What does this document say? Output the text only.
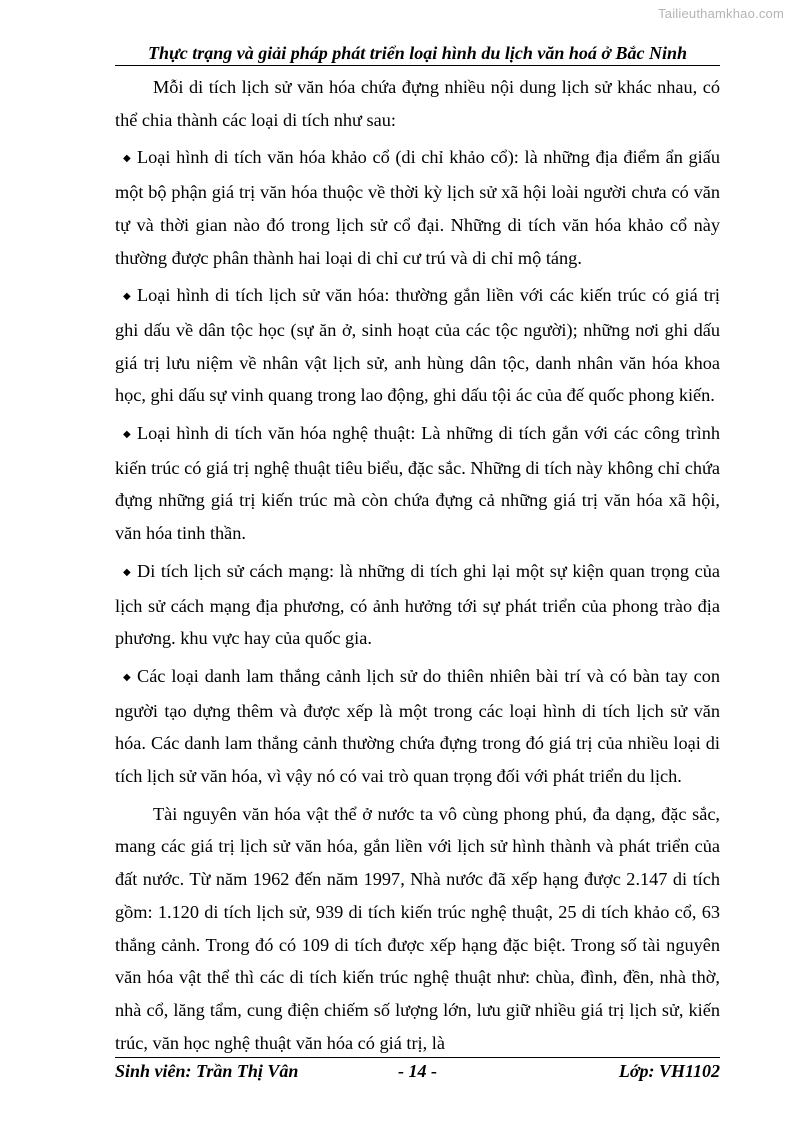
Tailieuthamkhao.com
Thực trạng và giải pháp phát triển loại hình du lịch văn hoá ở Bắc Ninh

Mỗi di tích lịch sử văn hóa chứa đựng nhiều nội dung lịch sử khác nhau, có thể chia thành các loại di tích như sau:

◆ Loại hình di tích văn hóa khảo cổ (di chỉ khảo cổ): là những địa điểm ẩn giấu một bộ phận giá trị văn hóa thuộc về thời kỳ lịch sử xã hội loài người chưa có văn tự và thời gian nào đó trong lịch sử cổ đại. Những di tích văn hóa khảo cổ này thường được phân thành hai loại di chỉ cư trú và di chỉ mộ táng.

◆ Loại hình di tích lịch sử văn hóa: thường gắn liền với các kiến trúc có giá trị ghi dấu về dân tộc học (sự ăn ở, sinh hoạt của các tộc người); những nơi ghi dấu giá trị lưu niệm về nhân vật lịch sử, anh hùng dân tộc, danh nhân văn hóa khoa học, ghi dấu sự vinh quang trong lao động, ghi dấu tội ác của đế quốc phong kiến.

◆ Loại hình di tích văn hóa nghệ thuật: Là những di tích gắn với các công trình kiến trúc có giá trị nghệ thuật tiêu biểu, đặc sắc. Những di tích này không chỉ chứa đựng những giá trị kiến trúc mà còn chứa đựng cả những giá trị văn hóa xã hội, văn hóa tinh thần.

◆ Di tích lịch sử cách mạng: là những di tích ghi lại một sự kiện quan trọng của lịch sử cách mạng địa phương, có ảnh hưởng tới sự phát triển của phong trào địa phương. khu vực hay của quốc gia.

◆ Các loại danh lam thắng cảnh lịch sử do thiên nhiên bài trí và có bàn tay con người tạo dựng thêm và được xếp là một trong các loại hình di tích lịch sử văn hóa. Các danh lam thắng cảnh thường chứa đựng trong đó giá trị của nhiều loại di tích lịch sử văn hóa, vì vậy nó có vai trò quan trọng đối với phát triển du lịch.

Tài nguyên văn hóa vật thể ở nước ta vô cùng phong phú, đa dạng, đặc sắc, mang các giá trị lịch sử văn hóa, gắn liền với lịch sử hình thành và phát triển của đất nước. Từ năm 1962 đến năm 1997, Nhà nước đã xếp hạng được 2.147 di tích gồm: 1.120 di tích lịch sử, 939 di tích kiến trúc nghệ thuật, 25 di tích khảo cổ, 63 thắng cảnh. Trong đó có 109 di tích được xếp hạng đặc biệt. Trong số tài nguyên văn hóa vật thể thì các di tích kiến trúc nghệ thuật như: chùa, đình, đền, nhà thờ, nhà cổ, lăng tẩm, cung điện chiếm số lượng lớn, lưu giữ nhiều giá trị lịch sử, kiến trúc, văn học nghệ thuật văn hóa có giá trị, là

Sinh viên: Trần Thị Vân	- 14 -	Lớp: VH1102
